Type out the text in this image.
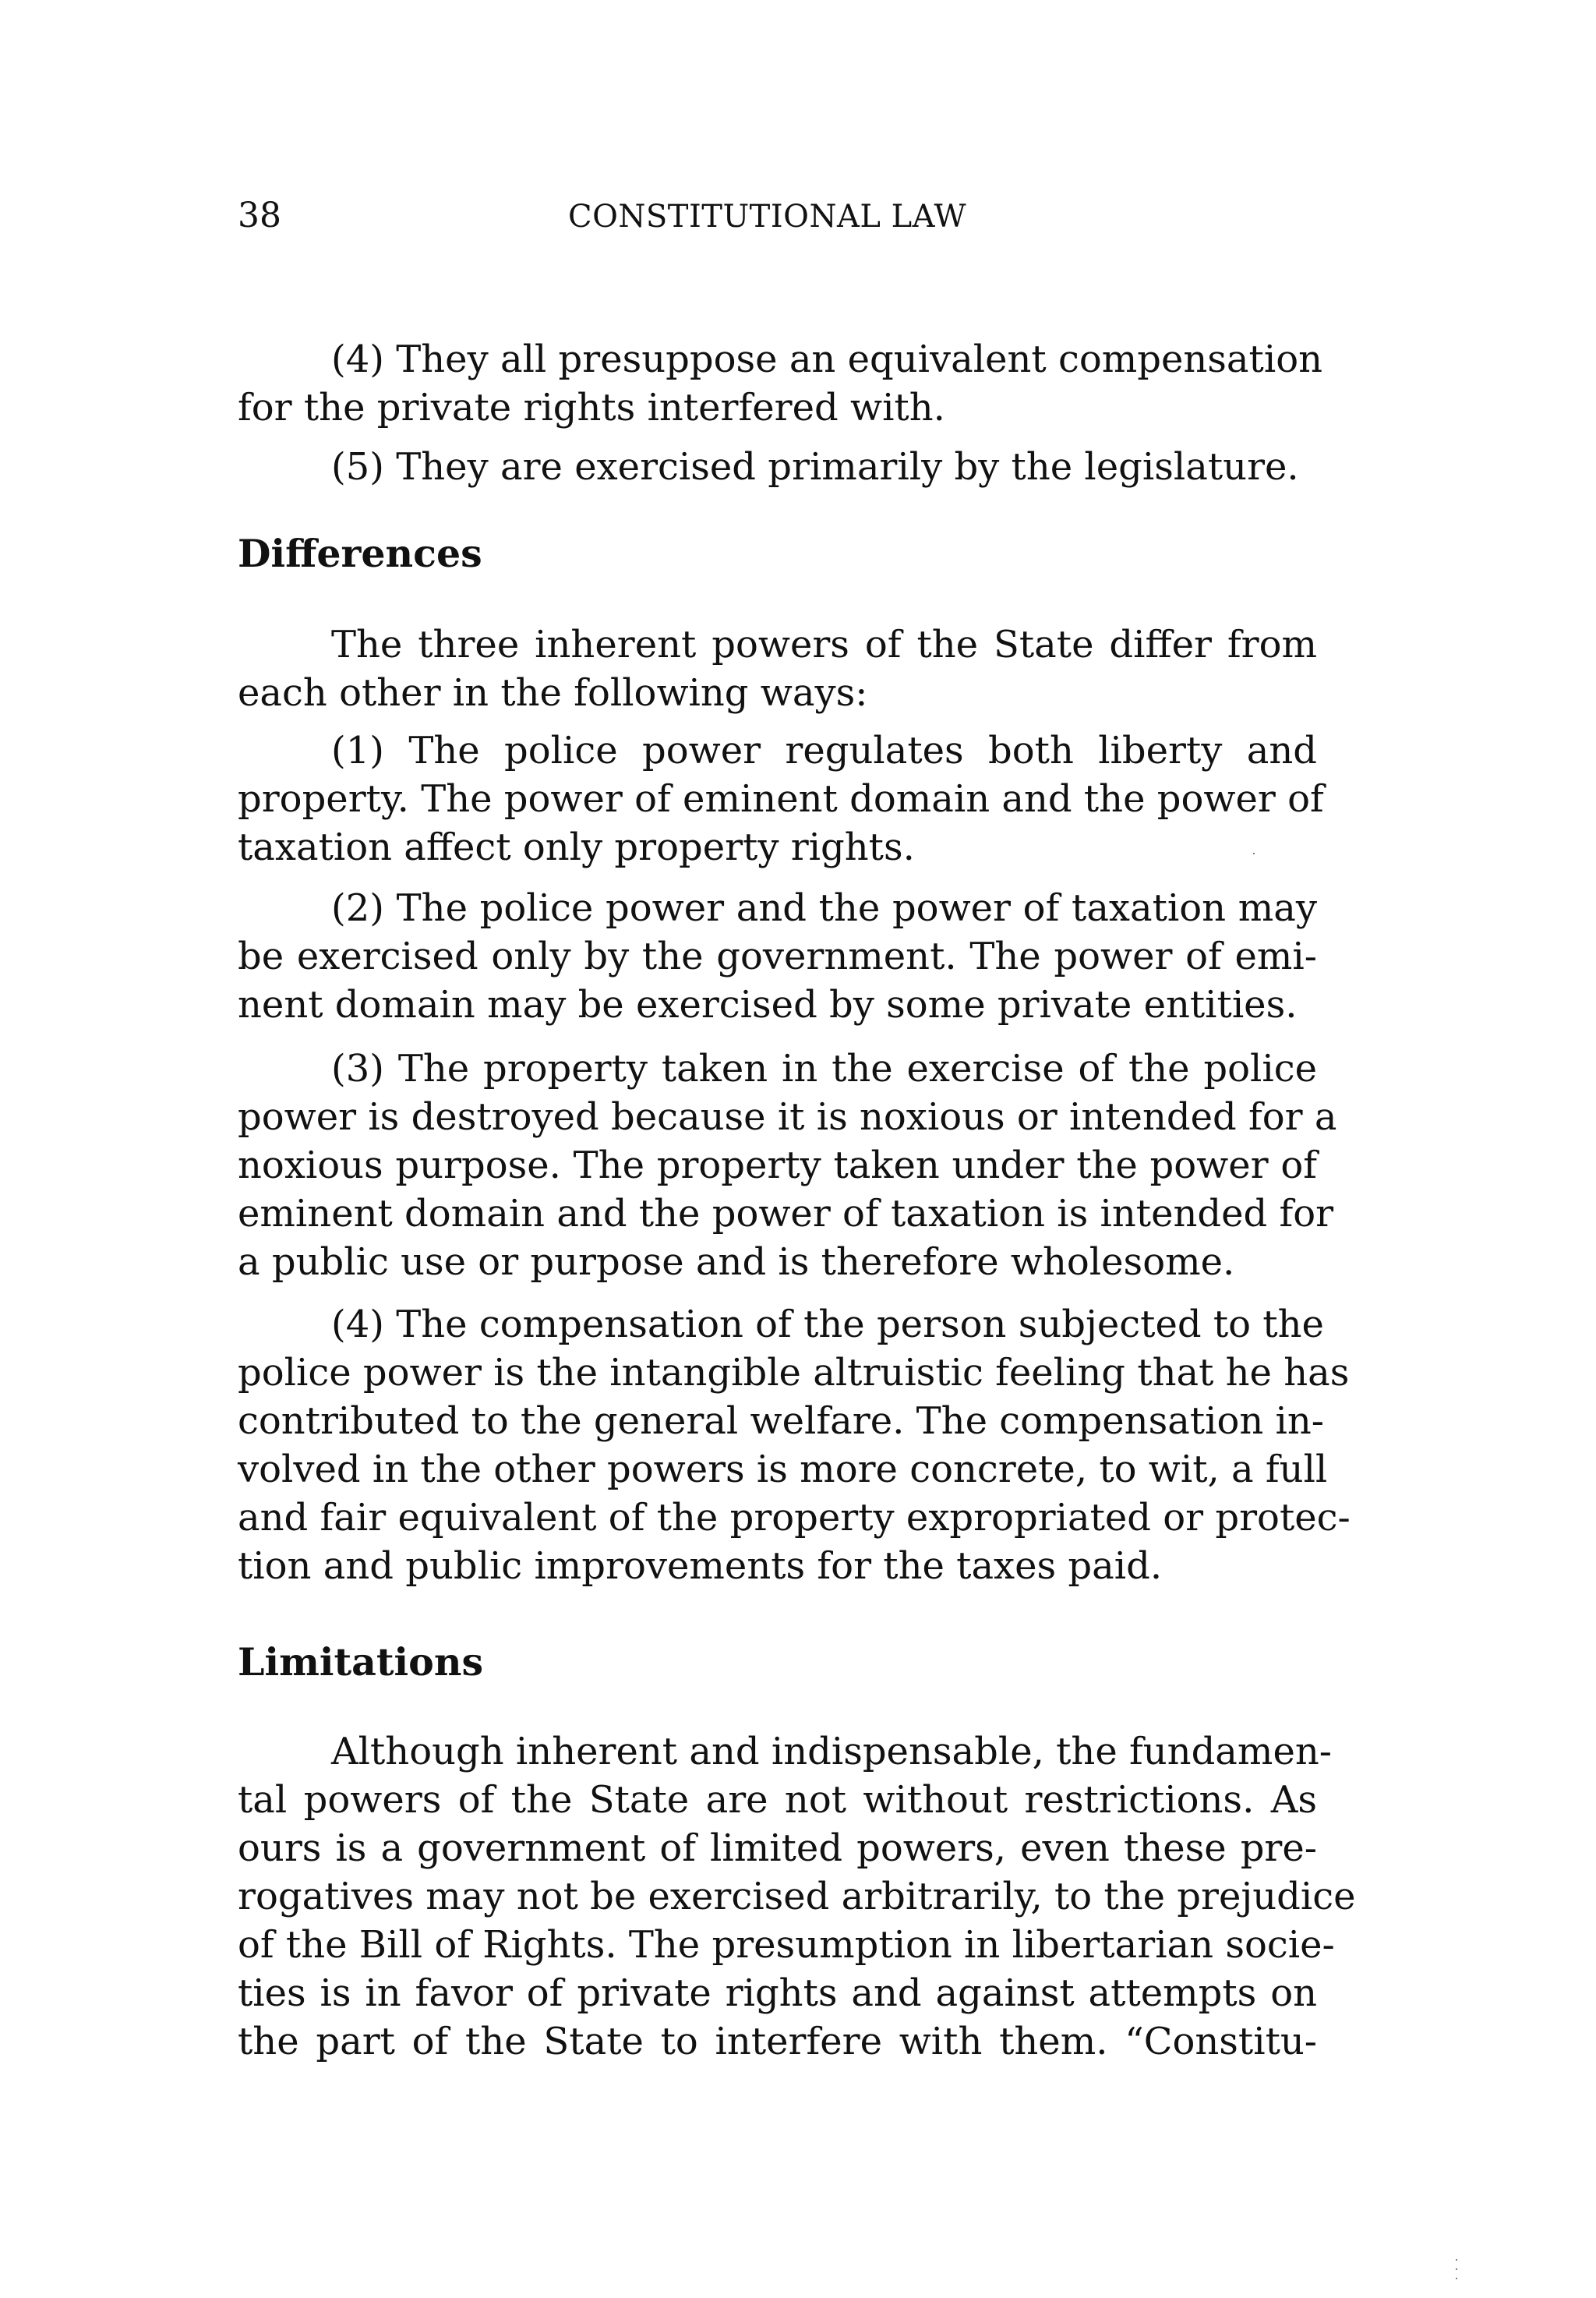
38	CONSTITUTIONAL LAW
(4) They all presuppose an equivalent compensation
for the private rights interfered with.
(5) They are exercised primarily by the legislature.
Differences
The three inherent powers of the State differ from
each other in the following ways:
(1) The police power regulates both liberty and
property. The power of eminent domain and the power of
taxation affect only property rights.
(2) The police power and the power of taxation may
be exercised only by the government. The power of emi-
nent domain may be exercised by some private entities.
(3) The property taken in the exercise of the police
power is destroyed because it is noxious or intended for a
noxious purpose. The property taken under the power of
eminent domain and the power of taxation is intended for
a public use or purpose and is therefore wholesome.
(4) The compensation of the person subjected to the
police power is the intangible altruistic feeling that he has
contributed to the general welfare. The compensation in-
volved in the other powers is more concrete, to wit, a full
and fair equivalent of the property expropriated or protec-
tion and public improvements for the taxes paid.
Limitations
Although inherent and indispensable, the fundamen-
tal powers of the State are not without restrictions. As
ours is a government of limited powers, even these pre-
rogatives may not be exercised arbitrarily, to the prejudice
of the Bill of Rights. The presumption in libertarian socie-
ties is in favor of private rights and against attempts on
the part of the State to interfere with them. “Constitu-
